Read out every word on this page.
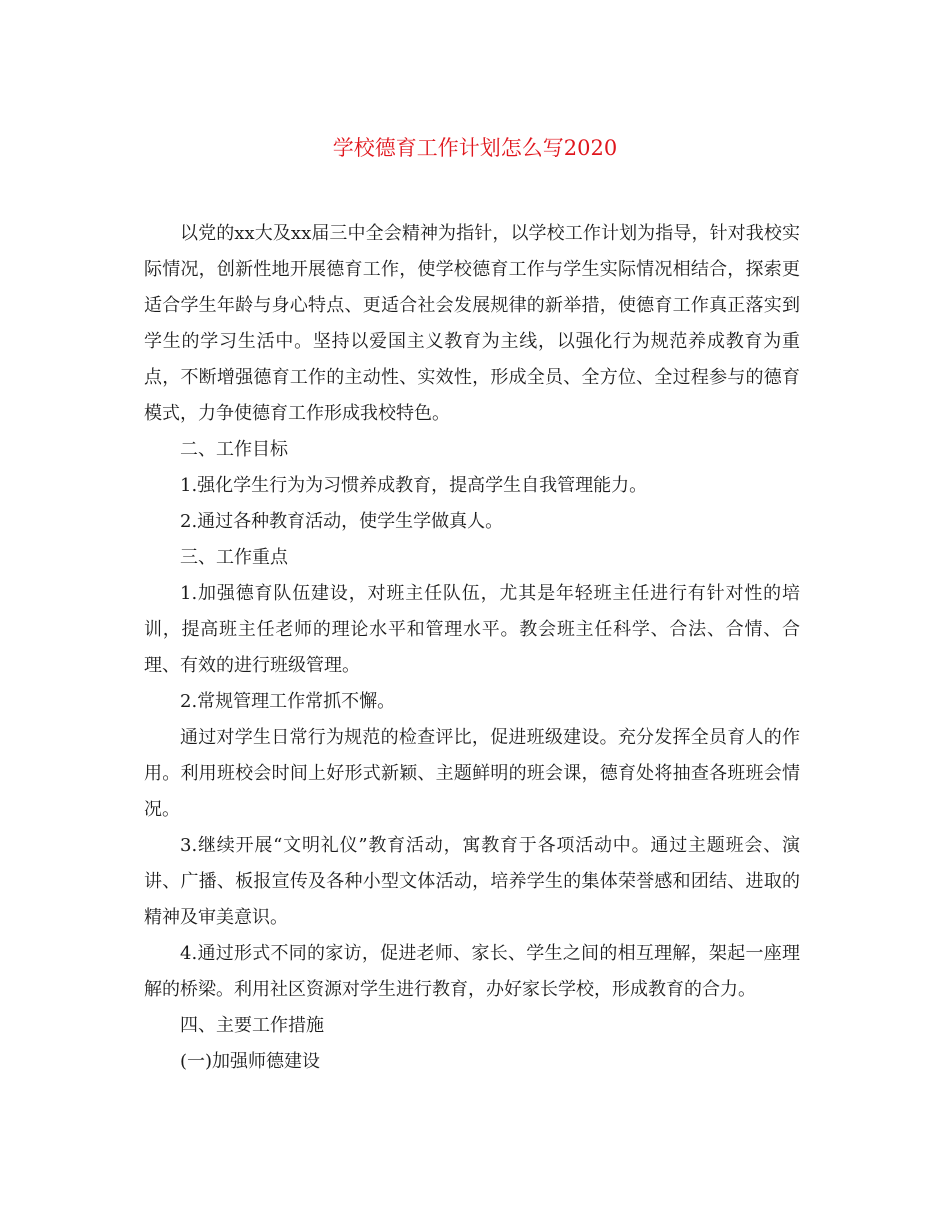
学校德育工作计划怎么写2020

以党的xx大及xx届三中全会精神为指针，以学校工作计划为指导，针对我校实际情况，创新性地开展德育工作，使学校德育工作与学生实际情况相结合，探索更适合学生年龄与身心特点、更适合社会发展规律的新举措，使德育工作真正落实到学生的学习生活中。坚持以爱国主义教育为主线，以强化行为规范养成教育为重点，不断增强德育工作的主动性、实效性，形成全员、全方位、全过程参与的德育模式，力争使德育工作形成我校特色。

二、工作目标

1.强化学生行为为习惯养成教育，提高学生自我管理能力。

2.通过各种教育活动，使学生学做真人。

三、工作重点

1.加强德育队伍建设，对班主任队伍，尤其是年轻班主任进行有针对性的培训，提高班主任老师的理论水平和管理水平。教会班主任科学、合法、合情、合理、有效的进行班级管理。

2.常规管理工作常抓不懈。

通过对学生日常行为规范的检查评比，促进班级建设。充分发挥全员育人的作用。利用班校会时间上好形式新颖、主题鲜明的班会课，德育处将抽查各班班会情况。

3.继续开展“文明礼仪”教育活动，寓教育于各项活动中。通过主题班会、演讲、广播、板报宣传及各种小型文体活动，培养学生的集体荣誉感和团结、进取的精神及审美意识。

4.通过形式不同的家访，促进老师、家长、学生之间的相互理解，架起一座理解的桥梁。利用社区资源对学生进行教育，办好家长学校，形成教育的合力。

四、主要工作措施

(一)加强师德建设
